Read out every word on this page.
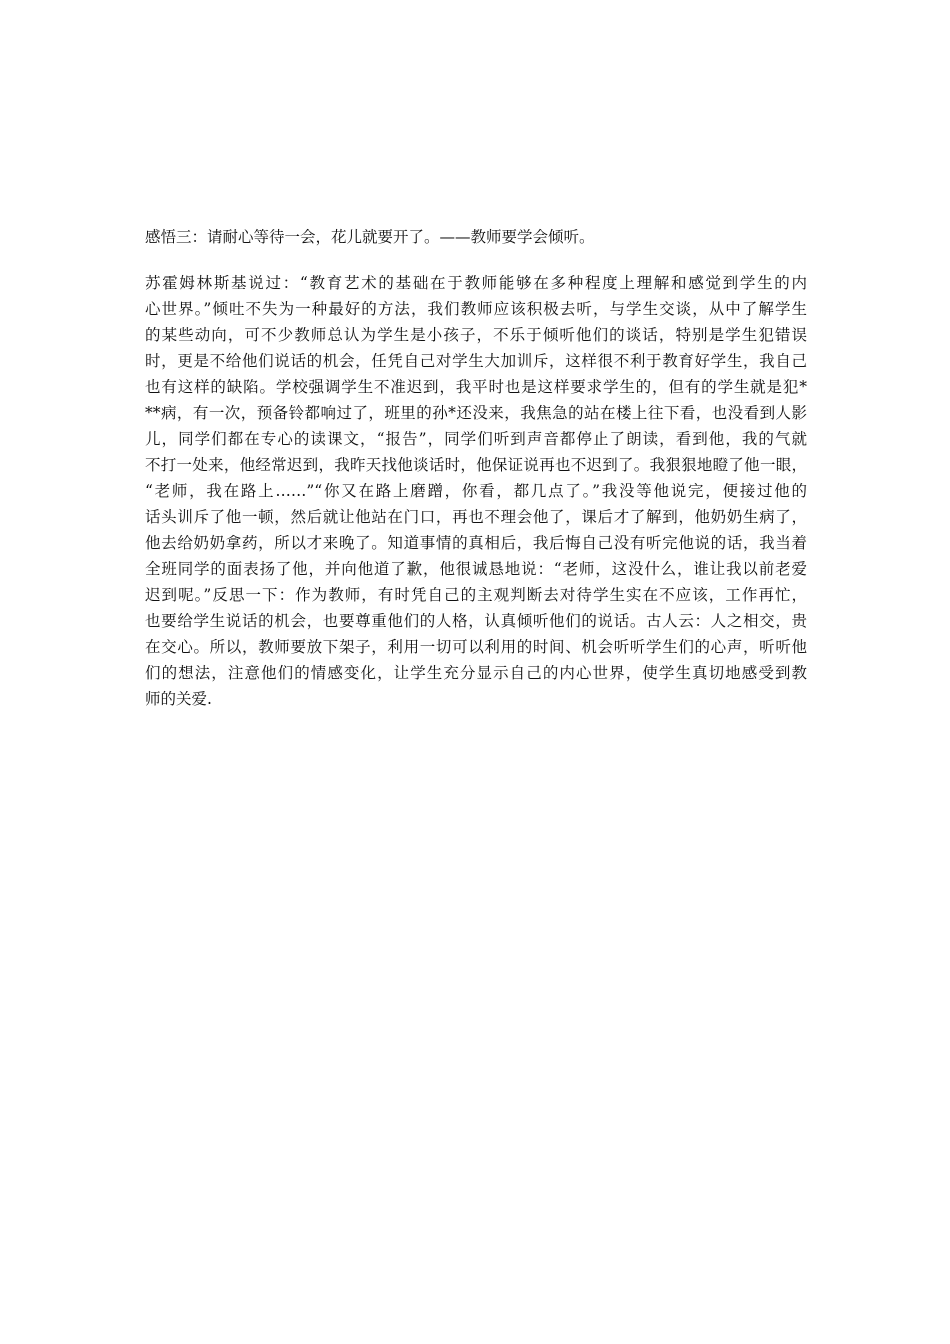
感悟三：请耐心等待一会，花儿就要开了。——教师要学会倾听。
苏霍姆林斯基说过：“教育艺术的基础在于教师能够在多种程度上理解和感觉到学生的内
心世界。”倾吐不失为一种最好的方法，我们教师应该积极去听，与学生交谈，从中了解学生
的某些动向，可不少教师总认为学生是小孩子，不乐于倾听他们的谈话，特别是学生犯错误
时，更是不给他们说话的机会，任凭自己对学生大加训斥，这样很不利于教育好学生，我自己
也有这样的缺陷。学校强调学生不准迟到，我平时也是这样要求学生的，但有的学生就是犯*
**病，有一次，预备铃都响过了，班里的孙*还没来，我焦急的站在楼上往下看，也没看到人影
儿，同学们都在专心的读课文，“报告”，同学们听到声音都停止了朗读，看到他，我的气就
不打一处来，他经常迟到，我昨天找他谈话时，他保证说再也不迟到了。我狠狠地瞪了他一眼，
“老师，我在路上……”“你又在路上磨蹭，你看，都几点了。”我没等他说完，便接过他的
话头训斥了他一顿，然后就让他站在门口，再也不理会他了，课后才了解到，他奶奶生病了，
他去给奶奶拿药，所以才来晚了。知道事情的真相后，我后悔自己没有听完他说的话，我当着
全班同学的面表扬了他，并向他道了歉，他很诚恳地说：“老师，这没什么，谁让我以前老爱
迟到呢。”反思一下：作为教师，有时凭自己的主观判断去对待学生实在不应该，工作再忙，
也要给学生说话的机会，也要尊重他们的人格，认真倾听他们的说话。古人云：人之相交，贵
在交心。所以，教师要放下架子，利用一切可以利用的时间、机会听听学生们的心声，听听他
们的想法，注意他们的情感变化，让学生充分显示自己的内心世界，使学生真切地感受到教
师的关爱.
